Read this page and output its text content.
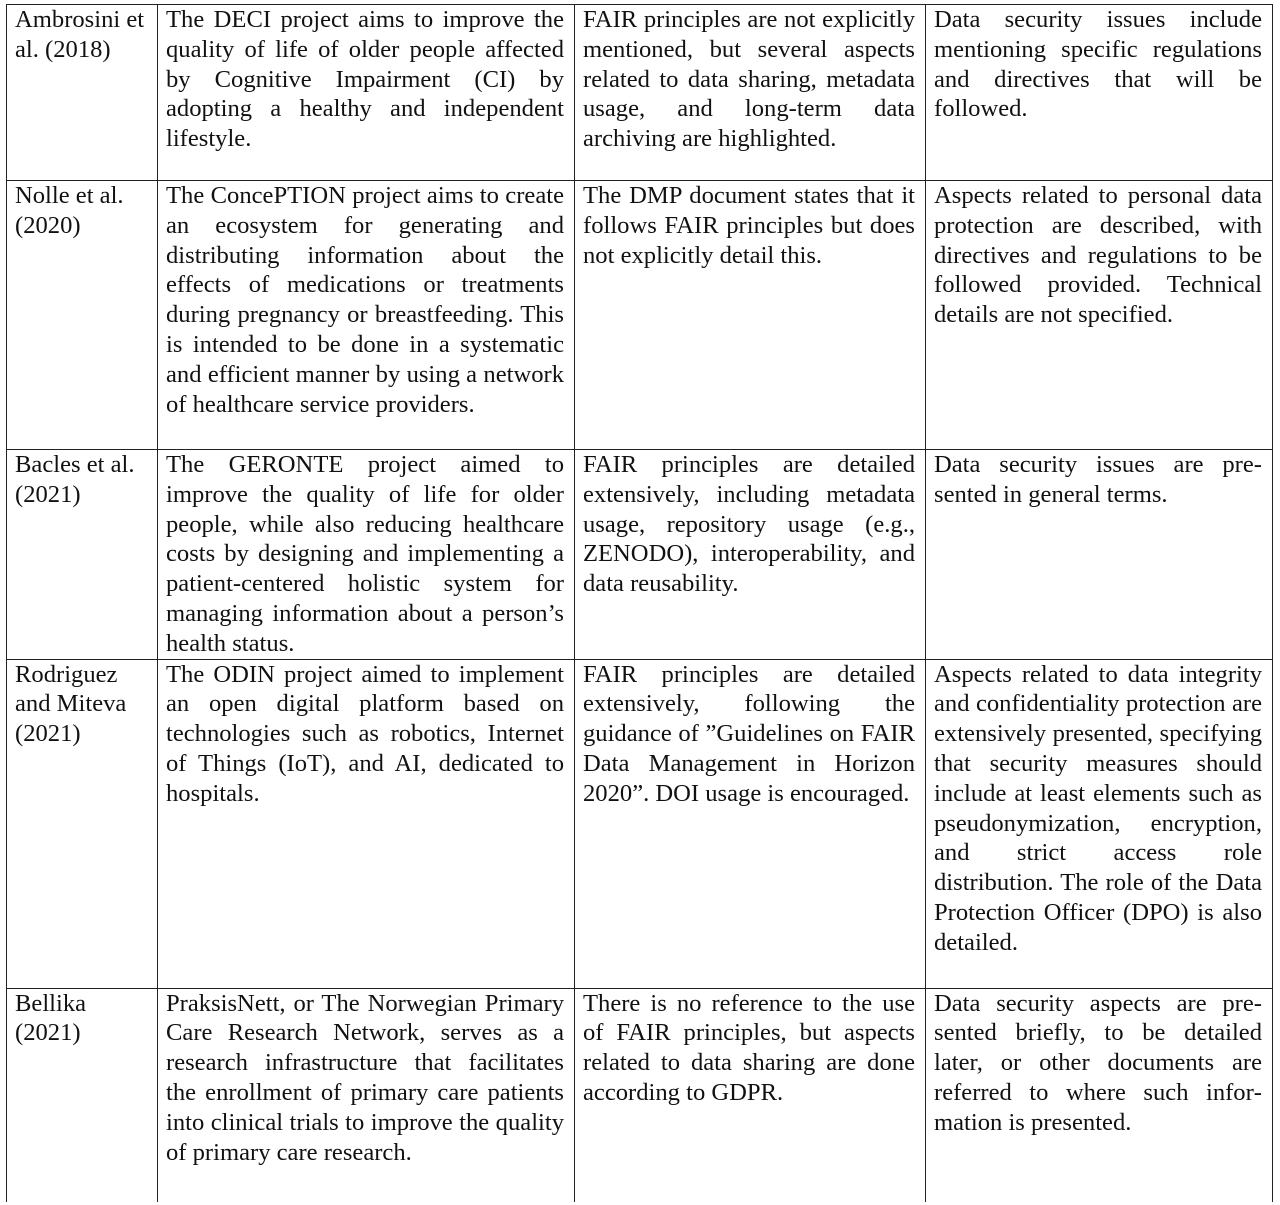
Ambrosini et al. (2018)	The DECI project aims to improve the quality of life of older people affected by Cognitive Impairment (CI) by adopting a healthy and independent lifestyle.	FAIR principles are not explicitly mentioned, but several aspects related to data sharing, metadata usage, and long-term data archiving are highlighted.	Data security issues include mentioning specific regulations and directives that will be followed.
Nolle et al. (2020)	The ConcePTION project aims to create an ecosystem for generating and distributing information about the effects of medications or treatments during pregnancy or breastfeeding. This is intended to be done in a systematic and efficient manner by using a network of healthcare service providers.	The DMP document states that it follows FAIR principles but does not explicitly detail this.	Aspects related to personal data protection are described, with directives and regulations to be followed provided. Technical details are not specified.
Bacles et al. (2021)	The GERONTE project aimed to improve the quality of life for older people, while also reducing healthcare costs by designing and implementing a patient-centered holistic system for managing information about a person’s health status.	FAIR principles are detailed extensively, including metadata usage, repository usage (e.g., ZENODO), interoperability, and data reusability.	Data security issues are presented in general terms.
Rodriguez and Miteva (2021)	The ODIN project aimed to implement an open digital platform based on technologies such as robotics, Internet of Things (IoT), and AI, dedicated to hospitals.	FAIR principles are detailed extensively, following the guidance of ”Guidelines on FAIR Data Management in Horizon 2020”. DOI usage is encouraged.	Aspects related to data integrity and confidentiality protection are extensively presented, specifying that security measures should include at least elements such as pseudonymization, encryption, and strict access role distribution. The role of the Data Protection Officer (DPO) is also detailed.
Bellika (2021)	PraksisNett, or The Norwegian Primary Care Research Network, serves as a research infrastructure that facilitates the enrollment of primary care patients into clinical trials to improve the quality of primary care research.	There is no reference to the use of FAIR principles, but aspects related to data sharing are done according to GDPR.	Data security aspects are presented briefly, to be detailed later, or other documents are referred to where such information is presented.
